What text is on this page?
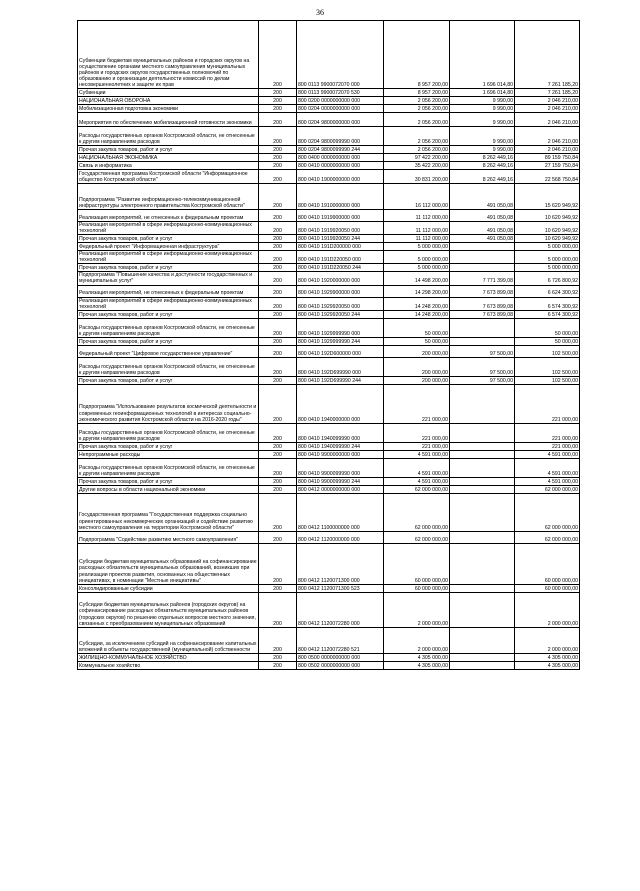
36
Субвенции бюджетам муниципальных районов и городских округов на осуществление органами местного самоуправления муниципальных районов и городских округов государственных полномочий по образованию и организации деятельности комиссий по делам несовершеннолетних и защите их прав	200	800 0113 9900072070 000	8 957 200,00	1 696 014,80	7 261 185,20
Субвенции	200	800 0113 9900072070 530	8 957 200,00	1 696 014,80	7 261 185,20
НАЦИОНАЛЬНАЯ ОБОРОНА	200	800 0200 0000000000 000	2 056 200,00	9 990,00	2 046 210,00
Мобилизационная подготовка экономики	200	800 0204 0000000000 000	2 056 200,00	9 990,00	2 046 210,00
Мероприятия по обеспечению мобилизационной готовности экономики	200	800 0204 9800000000 000	2 056 200,00	9 990,00	2 046 210,00
Расходы государственных органов Костромской области, не отнесенные к другим направлениям расходов	200	800 0204 9800099990 000	2 056 200,00	9 990,00	2 046 210,00
Прочая закупка товаров, работ и услуг	200	800 0204 9800099990 244	2 056 200,00	9 990,00	2 046 210,00
НАЦИОНАЛЬНАЯ ЭКОНОМИКА	200	800 0400 0000000000 000	97 422 200,00	8 262 449,16	89 159 750,84
Связь и информатика	200	800 0410 0000000000 000	35 422 200,00	8 262 449,16	27 159 750,84
Государственная программа Костромской области "Информационное общество Костромской области"	200	800 0410 1900000000 000	30 831 200,00	8 262 449,16	22 568 750,84
Подпрограмма "Развитие информационно-телекоммуникационной инфраструктуры электронного правительства Костромской области"	200	800 0410 1910000000 000	16 112 000,00	491 050,08	15 620 949,92
Реализация мероприятий, не отнесенных к федеральным проектам	200	800 0410 1919900000 000	11 112 000,00	491 050,08	10 620 949,92
Реализация мероприятий в сфере информационно-коммуникационных технологий	200	800 0410 1919920050 000	11 112 000,00	491 050,08	10 620 949,92
Прочая закупка товаров, работ и услуг	200	800 0410 1919920050 244	11 112 000,00	491 050,08	10 620 949,92
Федеральный проект "Информационная инфраструктура"	200	800 0410 191D200000 000	5 000 000,00		5 000 000,00
Реализация мероприятий в сфере информационно-коммуникационных технологий	200	800 0410 191D220050 000	5 000 000,00		5 000 000,00
Прочая закупка товаров, работ и услуг	200	800 0410 191D220050 244	5 000 000,00		5 000 000,00
Подпрограмма "Повышение качества и доступности государственных и муниципальных услуг"	200	800 0410 1920000000 000	14 498 200,00	7 771 399,08	6 726 800,92
Реализация мероприятий, не отнесенных к федеральным проектам	200	800 0410 1929900000 000	14 298 200,00	7 673 899,08	6 624 300,92
Реализация мероприятий в сфере информационно-коммуникационных технологий	200	800 0410 1929920050 000	14 248 200,00	7 673 899,08	6 574 300,92
Прочая закупка товаров, работ и услуг	200	800 0410 1929920050 244	14 248 200,00	7 673 899,08	6 574 300,92
Расходы государственных органов Костромской области, не отнесенные к другим направлениям расходов	200	800 0410 1929999990 000	50 000,00		50 000,00
Прочая закупка товаров, работ и услуг	200	800 0410 1929999990 244	50 000,00		50 000,00
Федеральный проект "Цифровое государственное управление"	200	800 0410 192D600000 000	200 000,00	97 500,00	102 500,00
Расходы государственных органов Костромской области, не отнесенные к другим направлениям расходов	200	800 0410 192D699990 000	200 000,00	97 500,00	102 500,00
Прочая закупка товаров, работ и услуг	200	800 0410 192D699990 244	200 000,00	97 500,00	102 500,00
Подпрограмма "Использование результатов космической деятельности и современных геоинформационных технологий в интересах социально-экономического развития Костромской области на 2016-2020 годы"	200	800 0410 1940000000 000	221 000,00		221 000,00
Расходы государственных органов Костромской области, не отнесенные к другим направлениям расходов	200	800 0410 1940099990 000	221 000,00		221 000,00
Прочая закупка товаров, работ и услуг	200	800 0410 1940099990 244	221 000,00		221 000,00
Непрограммные расходы	200	800 0410 9900000000 000	4 591 000,00		4 591 000,00
Расходы государственных органов Костромской области, не отнесенные к другим направлениям расходов	200	800 0410 9900099990 000	4 591 000,00		4 591 000,00
Прочая закупка товаров, работ и услуг	200	800 0410 9900099990 244	4 591 000,00		4 591 000,00
Другие вопросы в области национальной экономики	200	800 0412 0000000000 000	62 000 000,00		62 000 000,00
Государственная программа "Государственная поддержка социально ориентированных некоммерческих организаций и содействие развитию местного самоуправления на территории Костромской области"	200	800 0412 1100000000 000	62 000 000,00		62 000 000,00
Подпрограмма "Содействие развитию местного самоуправления"	200	800 0412 1120000000 000	62 000 000,00		62 000 000,00
Субсидии бюджетам муниципальных образований на софинансирование расходных обязательств муниципальных образований, возникших при реализации проектов развития, основанных на общественных инициативах, в номинации "Местные инициативы"	200	800 0412 1120071300 000	60 000 000,00		60 000 000,00
Консолидированные субсидии	200	800 0412 1120071300 523	60 000 000,00		60 000 000,00
Субсидии бюджетам муниципальных районов (городских округов) на софинансирование расходных обязательств муниципальных районов (городских округов) по решению отдельных вопросов местного значения, связанных с преобразованием муниципальных образований	200	800 0412 1120072280 000	2 000 000,00		2 000 000,00
Субсидии, за исключением субсидий на софинансирование капитальных вложений в объекты государственной (муниципальной) собственности	200	800 0412 1120072280 521	2 000 000,00		2 000 000,00
ЖИЛИЩНО-КОММУНАЛЬНОЕ ХОЗЯЙСТВО	200	800 0500 0000000000 000	4 305 000,00		4 305 000,00
Коммунальное хозяйство	200	800 0502 0000000000 000	4 305 000,00		4 305 000,00
